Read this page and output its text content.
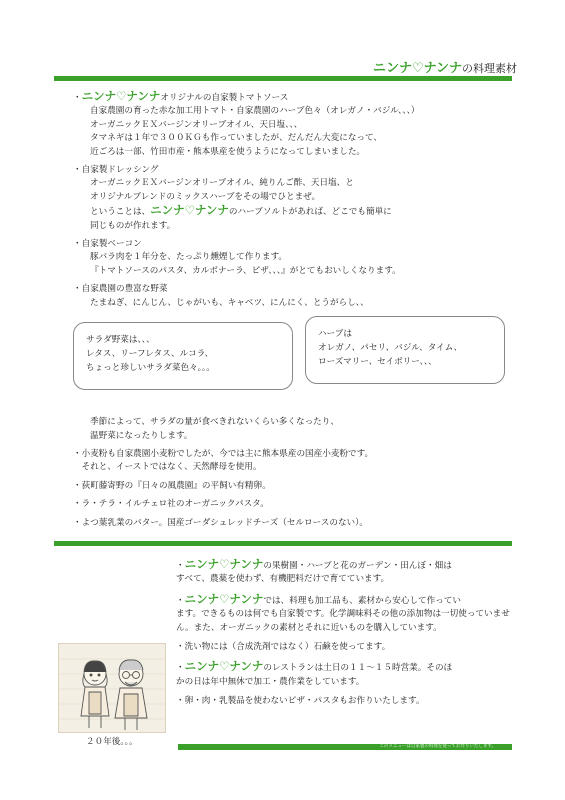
ニンナ♡ナンナの料理素材
・ニンナ♡ナンナオリジナルの自家製トマトソース
自家農園の育った赤な加工用トマト・自家農園のハーブ色々（オレガノ・バジル、、、）
オーガニックＥＸバージンオリーブオイル、天日塩、、、
タマネギは１年で３００ＫＧも作っていましたが、だんだん大変になって、
近ごろは一部、竹田市産・熊本県産を使うようになってしまいました。
・自家製ドレッシング
オーガニックＥＸバージンオリーブオイル、純りんご酢、天日塩、と
オリジナルブレンドのミックスハーブをその場でひとまぜ。
ということは、ニンナ♡ナンナのハーブソルトがあれば、どこでも簡単に
同じものが作れます。
・自家製ベーコン
豚バラ肉を１年分を、たっぷり燻煙して作ります。
『トマトソースのパスタ、カルボナーラ、ピザ、、、』がとてもおいしくなります。
・自家農園の豊富な野菜
たまねぎ、にんじん、じゃがいも、キャベツ、にんにく、とうがらし、、
サラダ野菜は、、、
レタス、リーフレタス、ルコラ、
ちょっと珍しいサラダ菜色々。。。
ハーブは
オレガノ、パセリ、バジル、タイム、
ローズマリー、セイボリー、、、
季節によって、サラダの量が食べきれないくらい多くなったり、
温野菜になったりします。
・小麦粉も自家農園小麦粉でしたが、今では主に熊本県産の国産小麦粉です。
　それと、イーストではなく、天然酵母を使用。
・荻町藤寄野の『日々の風農園』の平飼い有精卵。
・ラ・テラ・イルチェロ社のオーガニックパスタ。
・よつ葉乳業のバター。国産ゴーダシュレッドチーズ（セルロースのない）。
２０年後。。。

・ニンナ♡ナンナの果樹園・ハーブと花のガーデン・田んぼ・畑は
すべて、農薬を使わず、有機肥料だけで育てています。

・ニンナ♡ナンナでは、料理も加工品も、素材から安心して作ってい
ます。できるものは何でも自家製です。化学調味料その他の添加物は一切使っていません。また、オーガニックの素材とそれに近いものを購入しています。

・洗い物には（合成洗剤ではなく）石鹸を使ってます。

・ニンナ♡ナンナのレストランは土日の１１～１５時営業。そのほ
かの日は年中無休で加工・農作業をしています。

・卵・肉・乳製品を使わないピザ・パスタもお作りいたします。

このメニューは自家製の料理を使ってお作りいたします。
